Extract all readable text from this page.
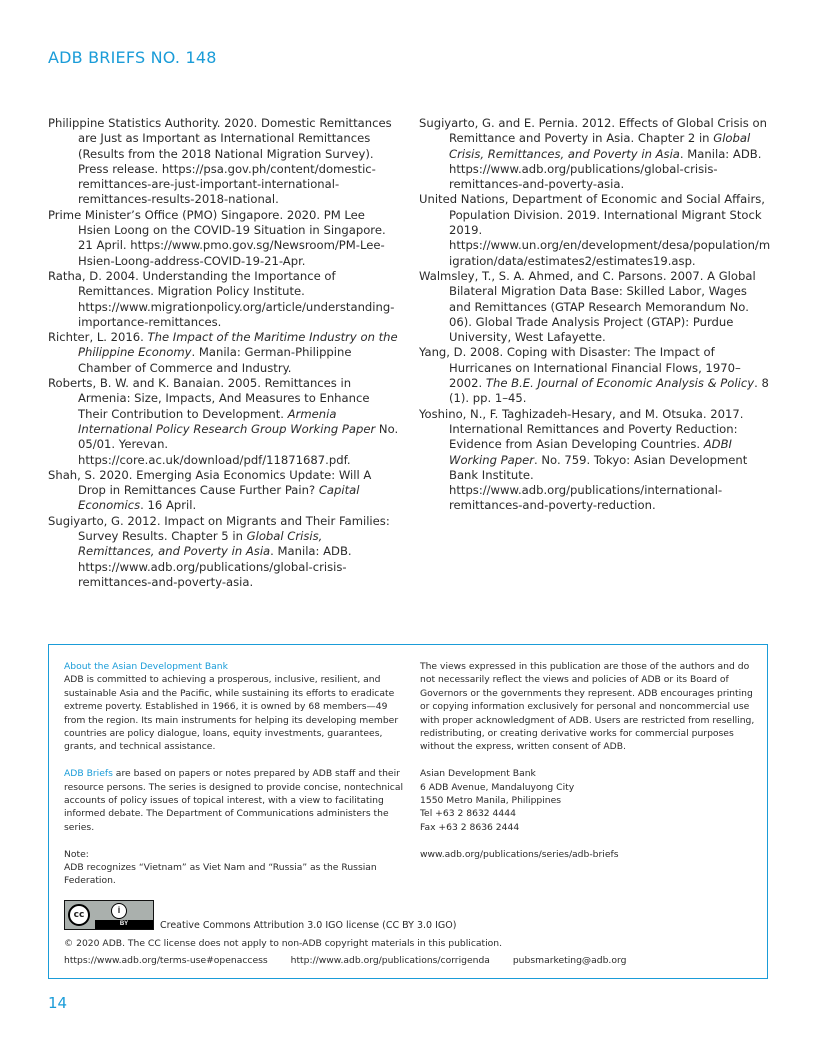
ADB BRIEFS NO. 148

Philippine Statistics Authority. 2020. Domestic Remittances are Just as Important as International Remittances (Results from the 2018 National Migration Survey). Press release. https://psa.gov.ph/content/domestic-remittances-are-just-important-international-remittances-results-2018-national.

Prime Minister’s Office (PMO) Singapore. 2020. PM Lee Hsien Loong on the COVID-19 Situation in Singapore. 21 April. https://www.pmo.gov.sg/Newsroom/PM-Lee-Hsien-Loong-address-COVID-19-21-Apr.

Ratha, D. 2004. Understanding the Importance of Remittances. Migration Policy Institute. https://www.migrationpolicy.org/article/understanding-importance-remittances.

Richter, L. 2016. The Impact of the Maritime Industry on the Philippine Economy. Manila: German-Philippine Chamber of Commerce and Industry.

Roberts, B. W. and K. Banaian. 2005. Remittances in Armenia: Size, Impacts, And Measures to Enhance Their Contribution to Development. Armenia International Policy Research Group Working Paper No. 05/01. Yerevan. https://core.ac.uk/download/pdf/11871687.pdf.

Shah, S. 2020. Emerging Asia Economics Update: Will A Drop in Remittances Cause Further Pain? Capital Economics. 16 April.

Sugiyarto, G. 2012. Impact on Migrants and Their Families: Survey Results. Chapter 5 in Global Crisis, Remittances, and Poverty in Asia. Manila: ADB. https://www.adb.org/publications/global-crisis-remittances-and-poverty-asia.

Sugiyarto, G. and E. Pernia. 2012. Effects of Global Crisis on Remittance and Poverty in Asia. Chapter 2 in Global Crisis, Remittances, and Poverty in Asia. Manila: ADB. https://www.adb.org/publications/global-crisis-remittances-and-poverty-asia.

United Nations, Department of Economic and Social Affairs, Population Division. 2019. International Migrant Stock 2019. https://www.un.org/en/development/desa/population/migration/data/estimates2/estimates19.asp.

Walmsley, T., S. A. Ahmed, and C. Parsons. 2007. A Global Bilateral Migration Data Base: Skilled Labor, Wages and Remittances (GTAP Research Memorandum No. 06). Global Trade Analysis Project (GTAP): Purdue University, West Lafayette.

Yang, D. 2008. Coping with Disaster: The Impact of Hurricanes on International Financial Flows, 1970–2002. The B.E. Journal of Economic Analysis & Policy. 8 (1). pp. 1–45.

Yoshino, N., F. Taghizadeh-Hesary, and M. Otsuka. 2017. International Remittances and Poverty Reduction: Evidence from Asian Developing Countries. ADBI Working Paper. No. 759. Tokyo: Asian Development Bank Institute. https://www.adb.org/publications/international-remittances-and-poverty-reduction.

About the Asian Development Bank

ADB is committed to achieving a prosperous, inclusive, resilient, and sustainable Asia and the Pacific, while sustaining its efforts to eradicate extreme poverty. Established in 1966, it is owned by 68 members—49 from the region. Its main instruments for helping its developing member countries are policy dialogue, loans, equity investments, guarantees, grants, and technical assistance.

ADB Briefs are based on papers or notes prepared by ADB staff and their resource persons. The series is designed to provide concise, nontechnical accounts of policy issues of topical interest, with a view to facilitating informed debate. The Department of Communications administers the series.

Note:
ADB recognizes “Vietnam” as Viet Nam and “Russia” as the Russian Federation.

The views expressed in this publication are those of the authors and do not necessarily reflect the views and policies of ADB or its Board of Governors or the governments they represent. ADB encourages printing or copying information exclusively for personal and noncommercial use with proper acknowledgment of ADB. Users are restricted from reselling, redistributing, or creating derivative works for commercial purposes without the express, written consent of ADB.

Asian Development Bank
6 ADB Avenue, Mandaluyong City
1550 Metro Manila, Philippines
Tel +63 2 8632 4444
Fax +63 2 8636 2444

www.adb.org/publications/series/adb-briefs
cc	i
BY	Creative Commons Attribution 3.0 IGO license (CC BY 3.0 IGO)
© 2020 ADB. The CC license does not apply to non-ADB copyright materials in this publication.
https://www.adb.org/terms-use#openaccess http://www.adb.org/publications/corrigenda pubsmarketing@adb.org
14
